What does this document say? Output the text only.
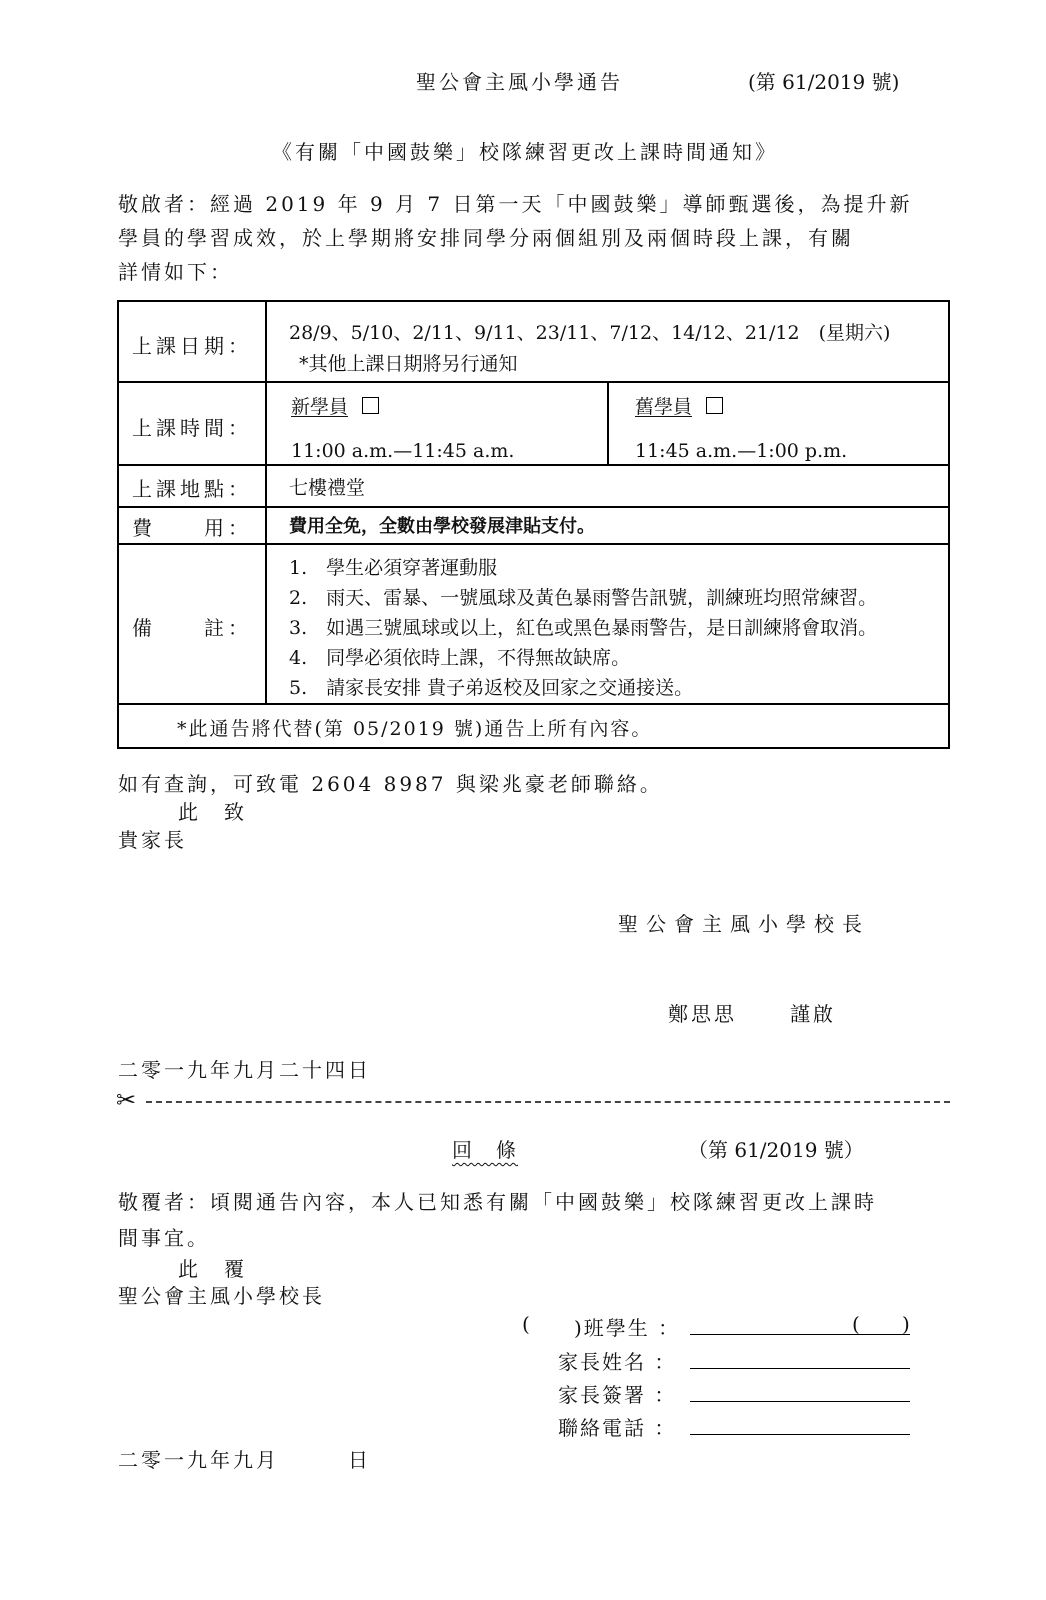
聖公會主風小學通告	(第 61/2019 號)
《有關「中國鼓樂」校隊練習更改上課時間通知》
敬啟者：經過 2019 年 9 月 7 日第一天「中國鼓樂」導師甄選後，為提升新
學員的學習成效，於上學期將安排同學分兩個組別及兩個時段上課，有關
詳情如下：
上課日期：
28/9、5/10、2/11、9/11、23/11、7/12、14/12、21/12　(星期六)
*其他上課日期將另行通知
上課時間：
新學員
11:00 a.m.—11:45 a.m.
舊學員
11:45 a.m.—1:00 p.m.
上課地點：	七樓禮堂
費　　用：	費用全免，全數由學校發展津貼支付。
備　　註：
1.　學生必須穿著運動服
2.　雨天、雷暴、一號風球及黃色暴雨警告訊號，訓練班均照常練習。
3.　如遇三號風球或以上，紅色或黑色暴雨警告，是日訓練將會取消。
4.　同學必須依時上課，不得無故缺席。
5.　請家長安排 貴子弟返校及回家之交通接送。
*此通告將代替(第 05/2019 號)通告上所有內容。
如有查詢，可致電 2604 8987 與梁兆豪老師聯絡。
此　致
貴家長
聖公會主風小學校長
鄭思思	謹啟
二零一九年九月二十四日
✂
回　條	（第 61/2019 號）
敬覆者：頃閱通告內容，本人已知悉有關「中國鼓樂」校隊練習更改上課時
間事宜。
此　覆
聖公會主風小學校長
( )班學生 ：	( )
家長姓名 ：
家長簽署 ：
聯絡電話 ：
二零一九年九月　　　日
